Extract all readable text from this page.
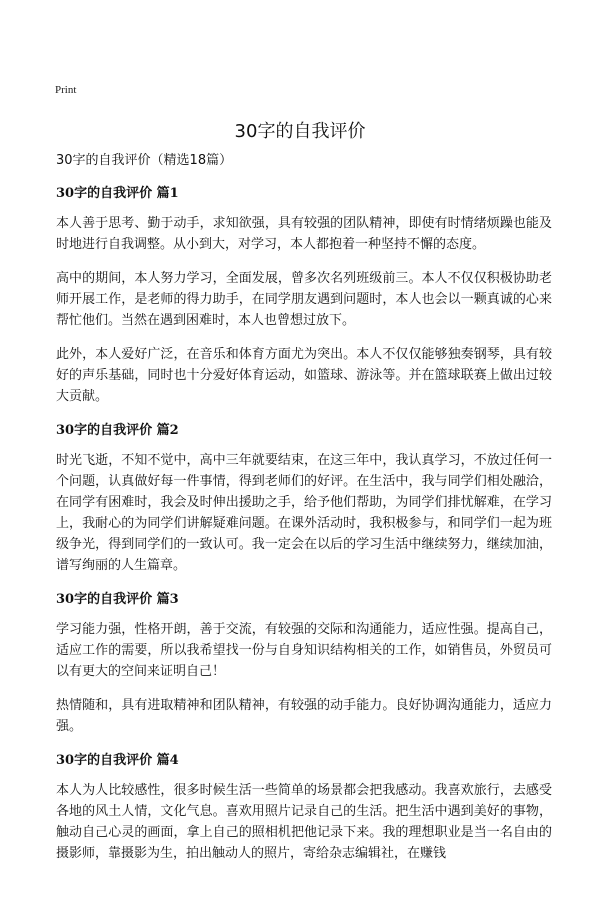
Print
30字的自我评价

30字的自我评价（精选18篇）

30字的自我评价 篇1

本人善于思考、勤于动手，求知欲强，具有较强的团队精神，即使有时情绪烦躁也能及时地进行自我调整。从小到大，对学习，本人都抱着一种坚持不懈的态度。

高中的期间，本人努力学习，全面发展，曾多次名列班级前三。本人不仅仅积极协助老师开展工作，是老师的得力助手，在同学朋友遇到问题时，本人也会以一颗真诚的心来帮忙他们。当然在遇到困难时，本人也曾想过放下。

此外，本人爱好广泛，在音乐和体育方面尤为突出。本人不仅仅能够独奏钢琴，具有较好的声乐基础，同时也十分爱好体育运动，如篮球、游泳等。并在篮球联赛上做出过较大贡献。

30字的自我评价 篇2

时光飞逝，不知不觉中，高中三年就要结束，在这三年中，我认真学习，不放过任何一个问题，认真做好每一件事情，得到老师们的好评。在生活中，我与同学们相处融洽，在同学有困难时，我会及时伸出援助之手，给予他们帮助，为同学们排忧解难，在学习上，我耐心的为同学们讲解疑难问题。在课外活动时，我积极参与，和同学们一起为班级争光，得到同学们的一致认可。我一定会在以后的学习生活中继续努力，继续加油，谱写绚丽的人生篇章。

30字的自我评价 篇3

学习能力强，性格开朗，善于交流，有较强的交际和沟通能力，适应性强。提高自己，适应工作的需要，所以我希望找一份与自身知识结构相关的工作，如销售员，外贸员可以有更大的空间来证明自己！

热情随和，具有进取精神和团队精神，有较强的动手能力。良好协调沟通能力，适应力强。

30字的自我评价 篇4

本人为人比较感性，很多时候生活一些简单的场景都会把我感动。我喜欢旅行，去感受各地的风土人情，文化气息。喜欢用照片记录自己的生活。把生活中遇到美好的事物，触动自己心灵的画面，拿上自己的照相机把他记录下来。我的理想职业是当一名自由的摄影师，靠摄影为生，拍出触动人的照片，寄给杂志编辑社，在赚钱
